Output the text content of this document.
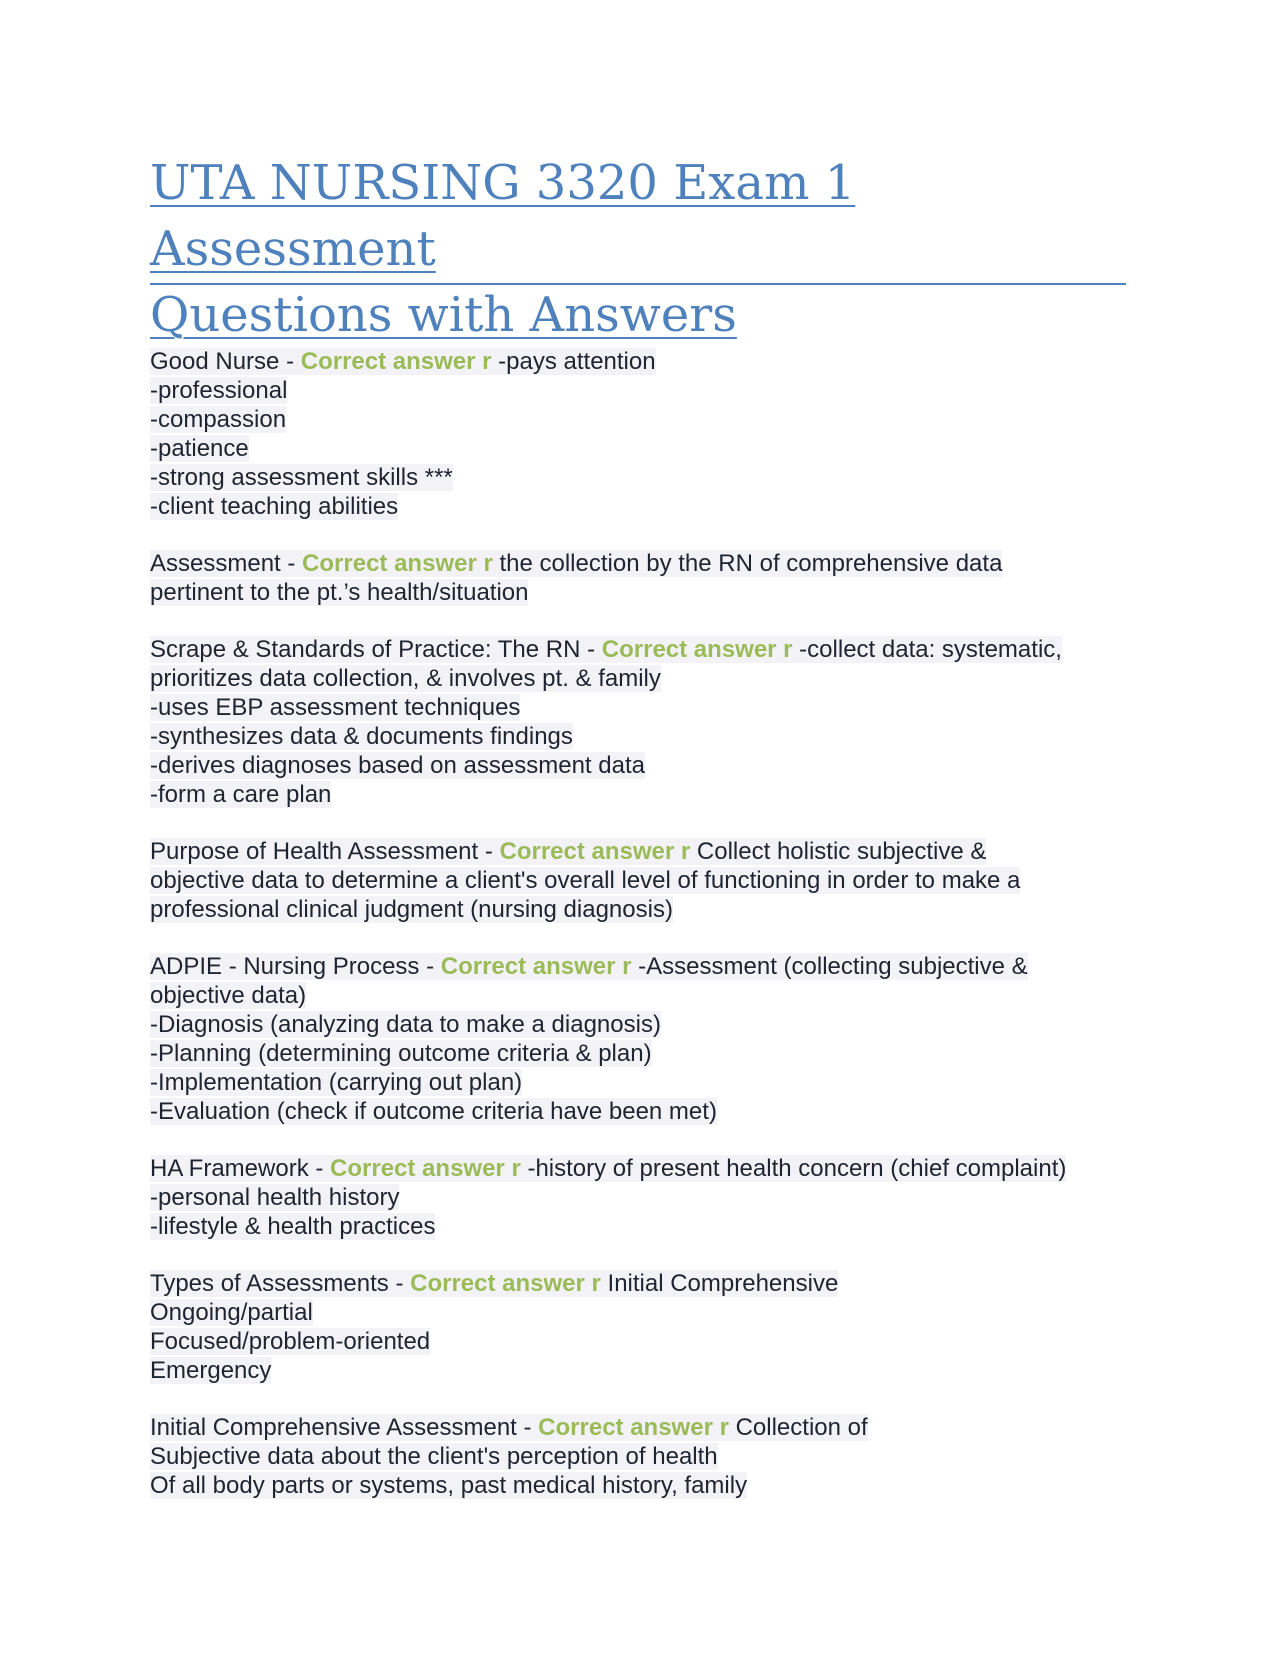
UTA NURSING 3320 Exam 1 Assessment
Questions with Answers
Good Nurse - Correct answer r -pays attention
-professional
-compassion
-patience
-strong assessment skills ***
-client teaching abilities
Assessment - Correct answer r the collection by the RN of comprehensive data
pertinent to the pt.’s health/situation
Scrape & Standards of Practice: The RN - Correct answer r -collect data: systematic,
prioritizes data collection, & involves pt. & family
-uses EBP assessment techniques
-synthesizes data & documents findings
-derives diagnoses based on assessment data
-form a care plan
Purpose of Health Assessment - Correct answer r Collect holistic subjective &
objective data to determine a client's overall level of functioning in order to make a
professional clinical judgment (nursing diagnosis)
ADPIE - Nursing Process - Correct answer r -Assessment (collecting subjective &
objective data)
-Diagnosis (analyzing data to make a diagnosis)
-Planning (determining outcome criteria & plan)
-Implementation (carrying out plan)
-Evaluation (check if outcome criteria have been met)
HA Framework - Correct answer r -history of present health concern (chief complaint)
-personal health history
-lifestyle & health practices
Types of Assessments - Correct answer r Initial Comprehensive
Ongoing/partial
Focused/problem-oriented
Emergency
Initial Comprehensive Assessment - Correct answer r Collection of
Subjective data about the client's perception of health
Of all body parts or systems, past medical history, family
